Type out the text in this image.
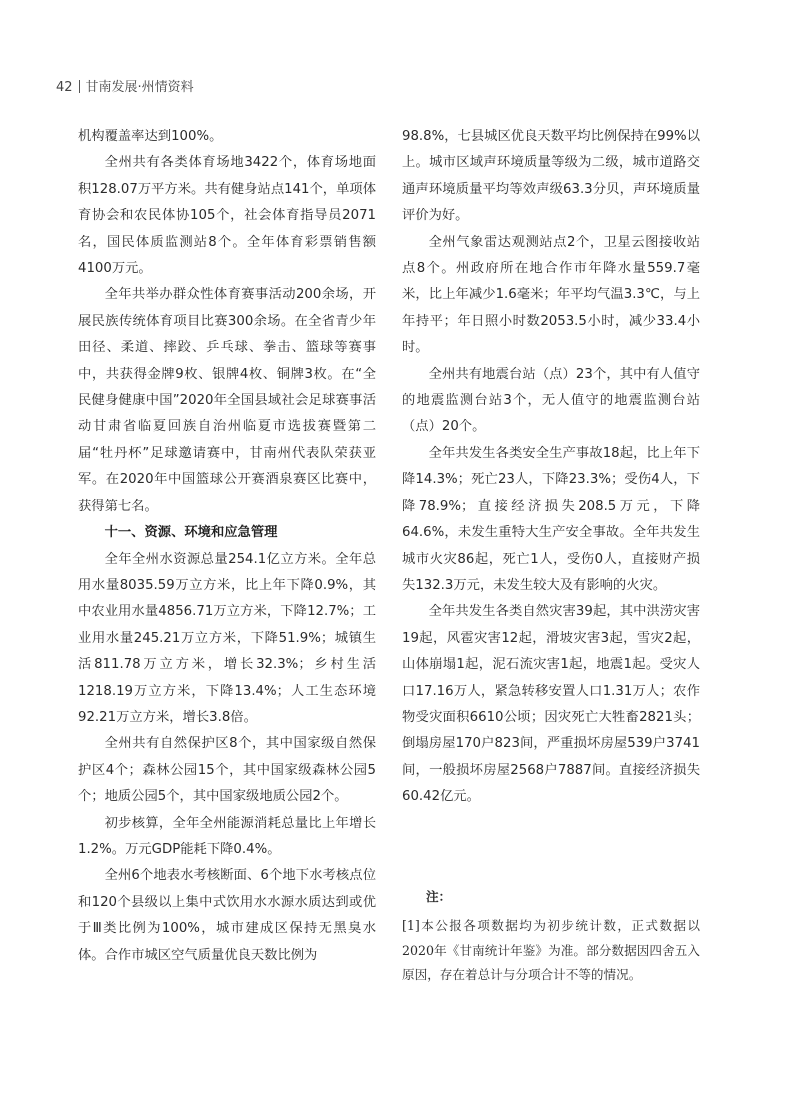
42 甘南发展·州情资料

机构覆盖率达到100%。

全州共有各类体育场地3422个，体育场地面积128.07万平方米。共有健身站点141个，单项体育协会和农民体协105个，社会体育指导员2071名，国民体质监测站8个。全年体育彩票销售额4100万元。

全年共举办群众性体育赛事活动200余场，开展民族传统体育项目比赛300余场。在全省青少年田径、柔道、摔跤、乒乓球、拳击、篮球等赛事中，共获得金牌9枚、银牌4枚、铜牌3枚。在“全民健身健康中国”2020年全国县域社会足球赛事活动甘肃省临夏回族自治州临夏市选拔赛暨第二届“牡丹杯”足球邀请赛中，甘南州代表队荣获亚军。在2020年中国篮球公开赛酒泉赛区比赛中，获得第七名。

十一、资源、环境和应急管理

全年全州水资源总量254.1亿立方米。全年总用水量8035.59万立方米，比上年下降0.9%，其中农业用水量4856.71万立方米，下降12.7%；工业用水量245.21万立方米，下降51.9%；城镇生活811.78万立方米，增长32.3%；乡村生活1218.19万立方米，下降13.4%；人工生态环境92.21万立方米，增长3.8倍。

全州共有自然保护区8个，其中国家级自然保护区4个；森林公园15个，其中国家级森林公园5个；地质公园5个，其中国家级地质公园2个。

初步核算，全年全州能源消耗总量比上年增长1.2%。万元GDP能耗下降0.4%。

全州6个地表水考核断面、6个地下水考核点位和120个县级以上集中式饮用水水源水质达到或优于Ⅲ类比例为100%，城市建成区保持无黑臭水体。合作市城区空气质量优良天数比例为

98.8%，七县城区优良天数平均比例保持在99%以上。城市区域声环境质量等级为二级，城市道路交通声环境质量平均等效声级63.3分贝，声环境质量评价为好。

全州气象雷达观测站点2个，卫星云图接收站点8个。州政府所在地合作市年降水量559.7毫米，比上年减少1.6毫米；年平均气温3.3℃，与上年持平；年日照小时数2053.5小时，减少33.4小时。

全州共有地震台站（点）23个，其中有人值守的地震监测台站3个，无人值守的地震监测台站（点）20个。

全年共发生各类安全生产事故18起，比上年下降14.3%；死亡23人，下降23.3%；受伤4人，下降78.9%；直接经济损失208.5万元，下降64.6%，未发生重特大生产安全事故。全年共发生城市火灾86起，死亡1人，受伤0人，直接财产损失132.3万元，未发生较大及有影响的火灾。

全年共发生各类自然灾害39起，其中洪涝灾害19起，风雹灾害12起，滑坡灾害3起，雪灾2起，山体崩塌1起，泥石流灾害1起，地震1起。受灾人口17.16万人，紧急转移安置人口1.31万人；农作物受灾面积6610公顷；因灾死亡大牲畜2821头；倒塌房屋170户823间，严重损坏房屋539户3741间，一般损坏房屋2568户7887间。直接经济损失60.42亿元。

注：

[1]本公报各项数据均为初步统计数，正式数据以2020年《甘南统计年鉴》为准。部分数据因四舍五入原因，存在着总计与分项合计不等的情况。
